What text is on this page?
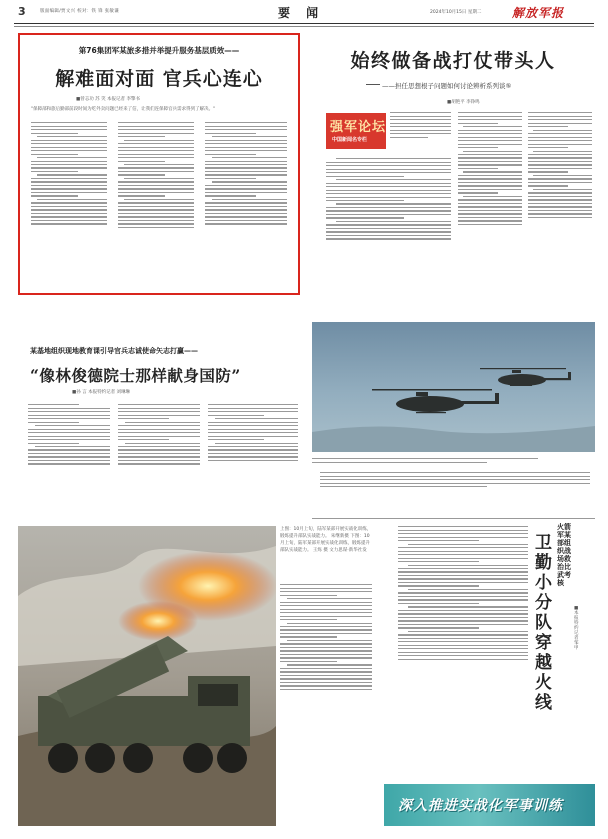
3	版面编辑/贾文兴 校对：铁 锋 张敏谦	要 闻	2024年10月15日 星期二	解放军报
第76集团军某旅多措并举提升服务基层质效——
解难面对面 官兵心连心
■曾志功 苏 笑 本报记者 李擎书
"保障部和旅后勤部前段时间为吃外卖问题已经来了信，让我们连保障官兵需求得到了解决。"
始终做备战打仗带头人
——担任思想根子问题如何讨论辨析系列谈⑤
■胡艳平 李铮鸣
强军论坛
中国新闻名专栏
某基地组织现地教育课引导官兵志诚使命矢志打赢——
“像林俊德院士那样献身国防”
■孙 言 本报特约记者 刘琳琳
上图：10月上旬，陆军某部开展实战化训练，锻炼提升部队实战能力。 朱继新摄 下图：10月上旬，陆军某部开展实战化训练，锻炼提升部队实战能力。 王烁 摄 文力思谋·新华社发	卫勤小分队穿越火线
火箭军某部组织战场救治比武考核
■本报特约记者 邹 甲
深入推进实战化军事训练
